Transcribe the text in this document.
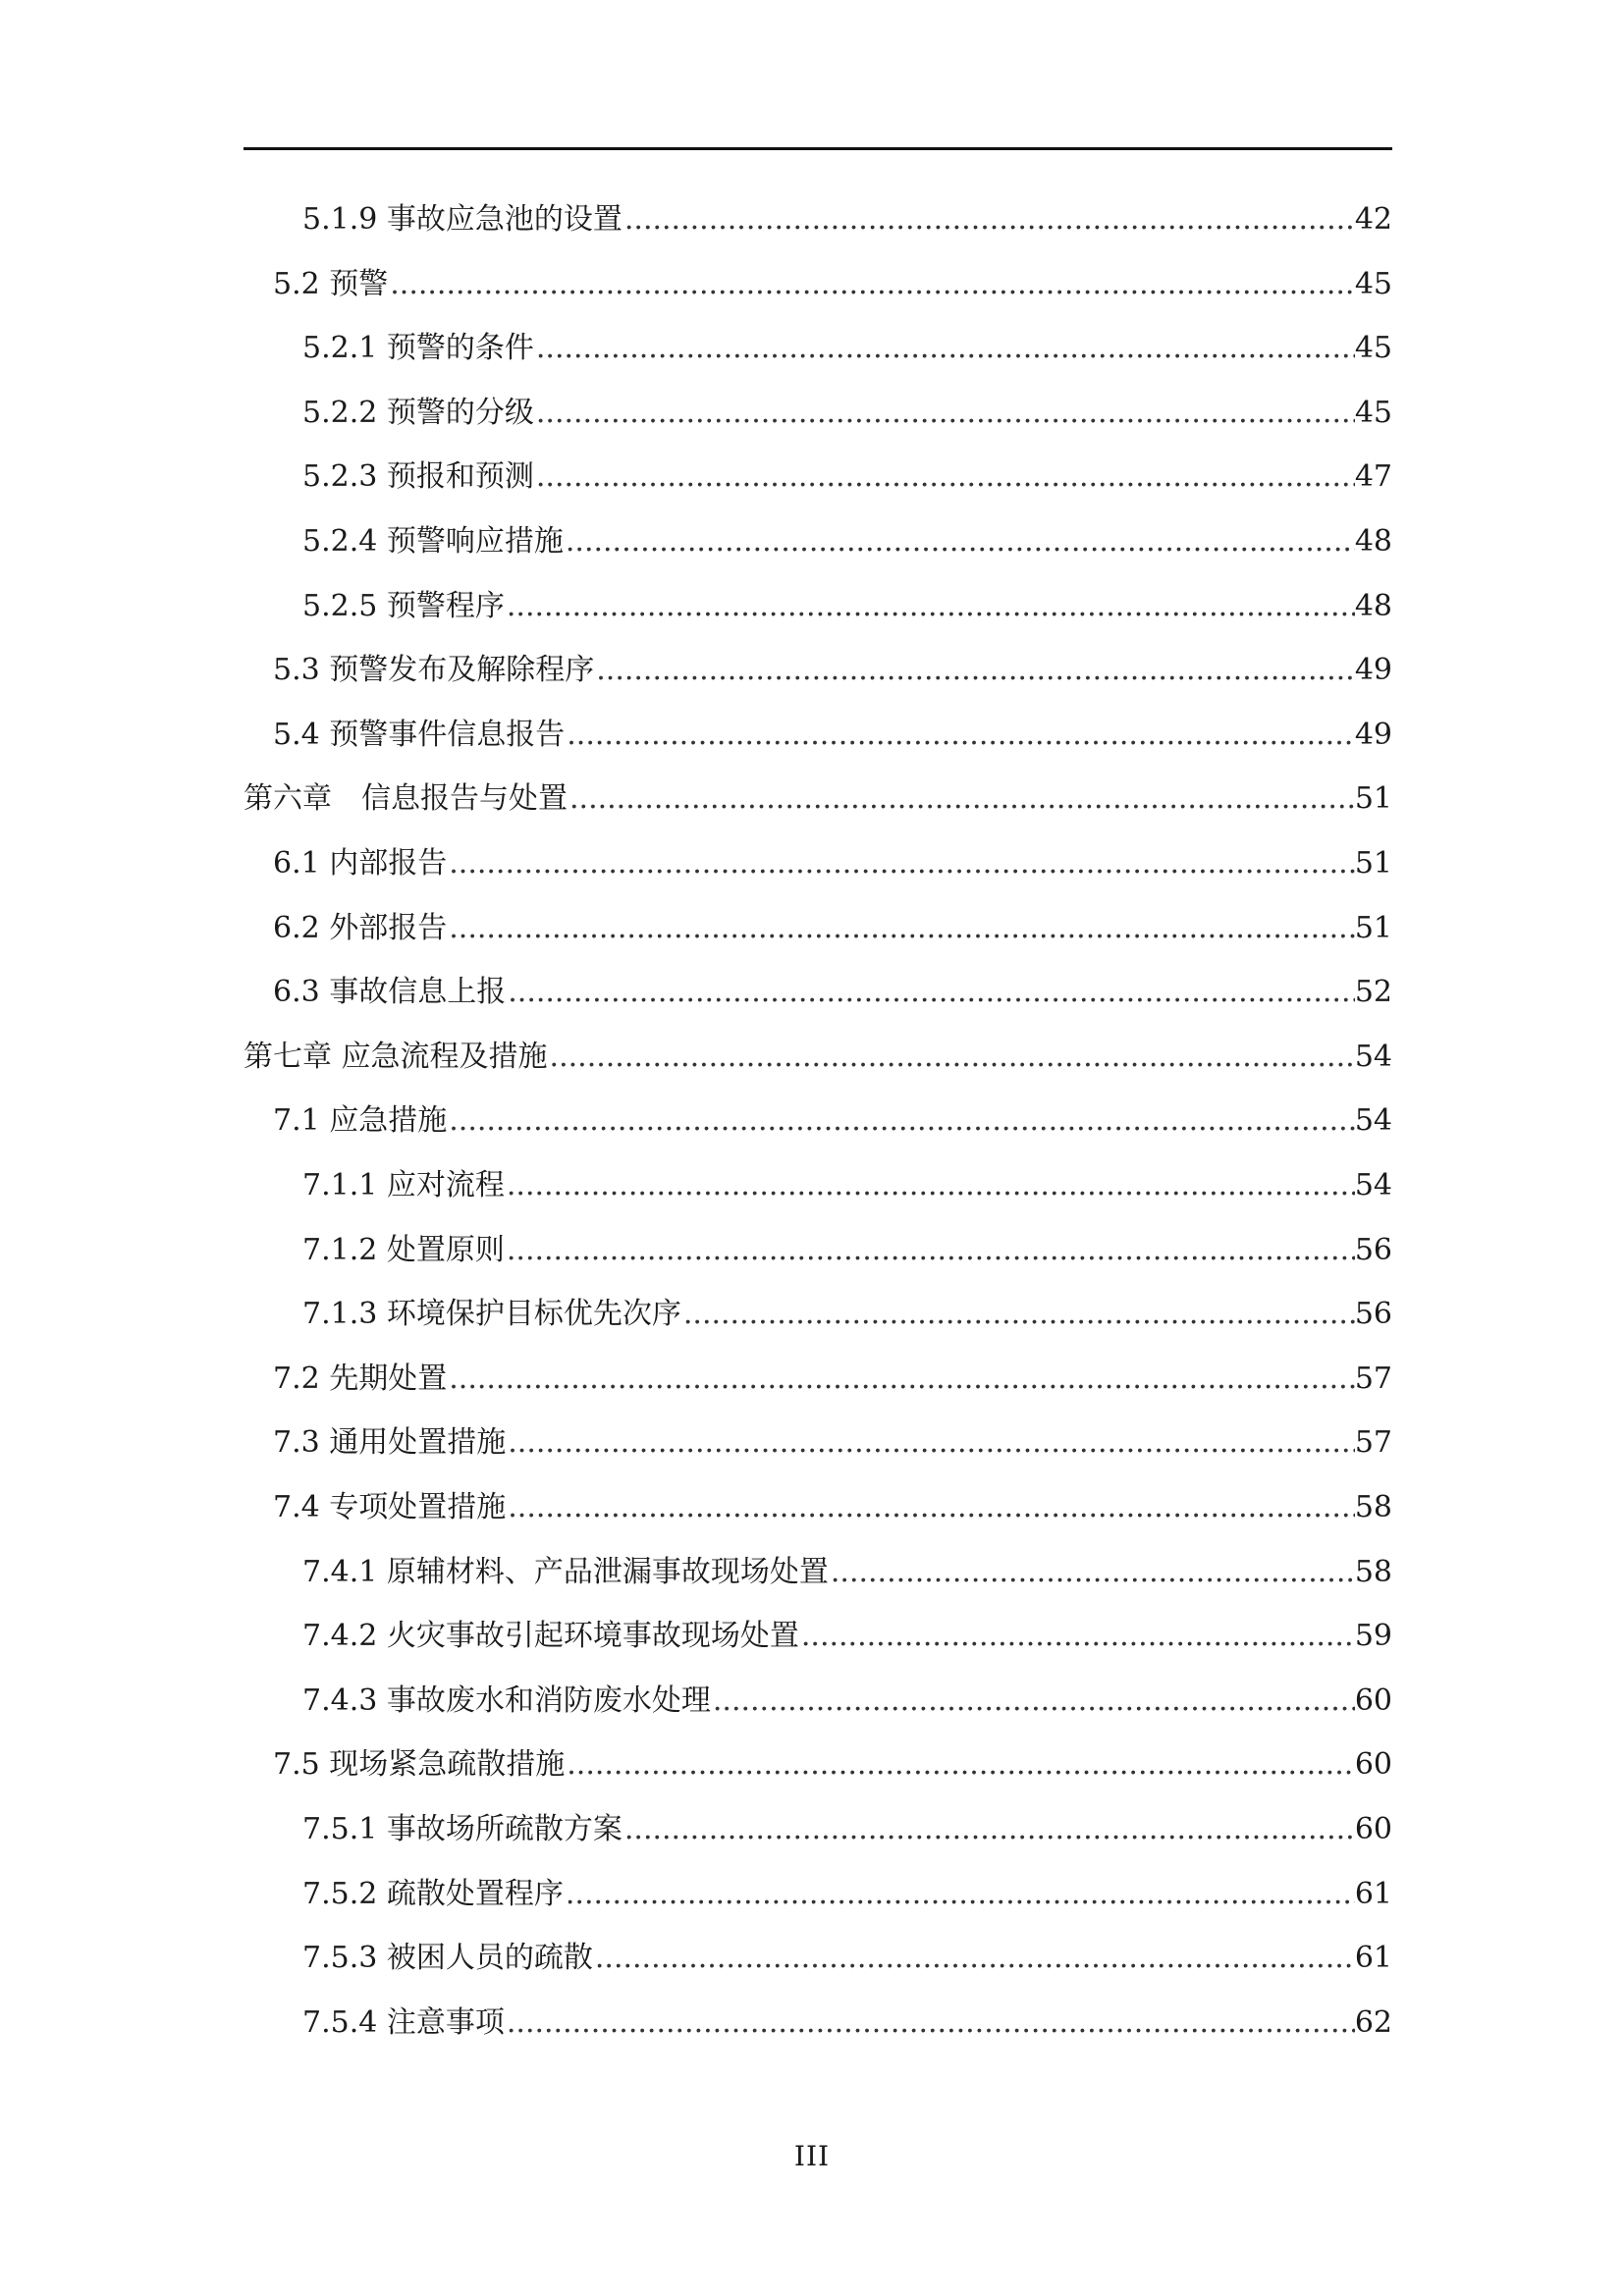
5.1.9 事故应急池的设置 .....	42
5.2 预警 .....	45
5.2.1 预警的条件 .....	45
5.2.2 预警的分级 .....	45
5.2.3 预报和预测 .....	47
5.2.4 预警响应措施 .....	48
5.2.5 预警程序 .....	48
5.3 预警发布及解除程序 .....	49
5.4 预警事件信息报告 .....	49
第六章　信息报告与处置 .....	51
6.1 内部报告 .....	51
6.2 外部报告 .....	51
6.3 事故信息上报 .....	52
第七章 应急流程及措施 .....	54
7.1 应急措施 .....	54
7.1.1 应对流程 .....	54
7.1.2 处置原则 .....	56
7.1.3 环境保护目标优先次序 .....	56
7.2 先期处置 .....	57
7.3 通用处置措施 .....	57
7.4 专项处置措施 .....	58
7.4.1 原辅材料、产品泄漏事故现场处置 .....	58
7.4.2 火灾事故引起环境事故现场处置 .....	59
7.4.3 事故废水和消防废水处理 .....	60
7.5 现场紧急疏散措施 .....	60
7.5.1 事故场所疏散方案 .....	60
7.5.2 疏散处置程序 .....	61
7.5.3 被困人员的疏散 .....	61
7.5.4 注意事项 .....	62
III
